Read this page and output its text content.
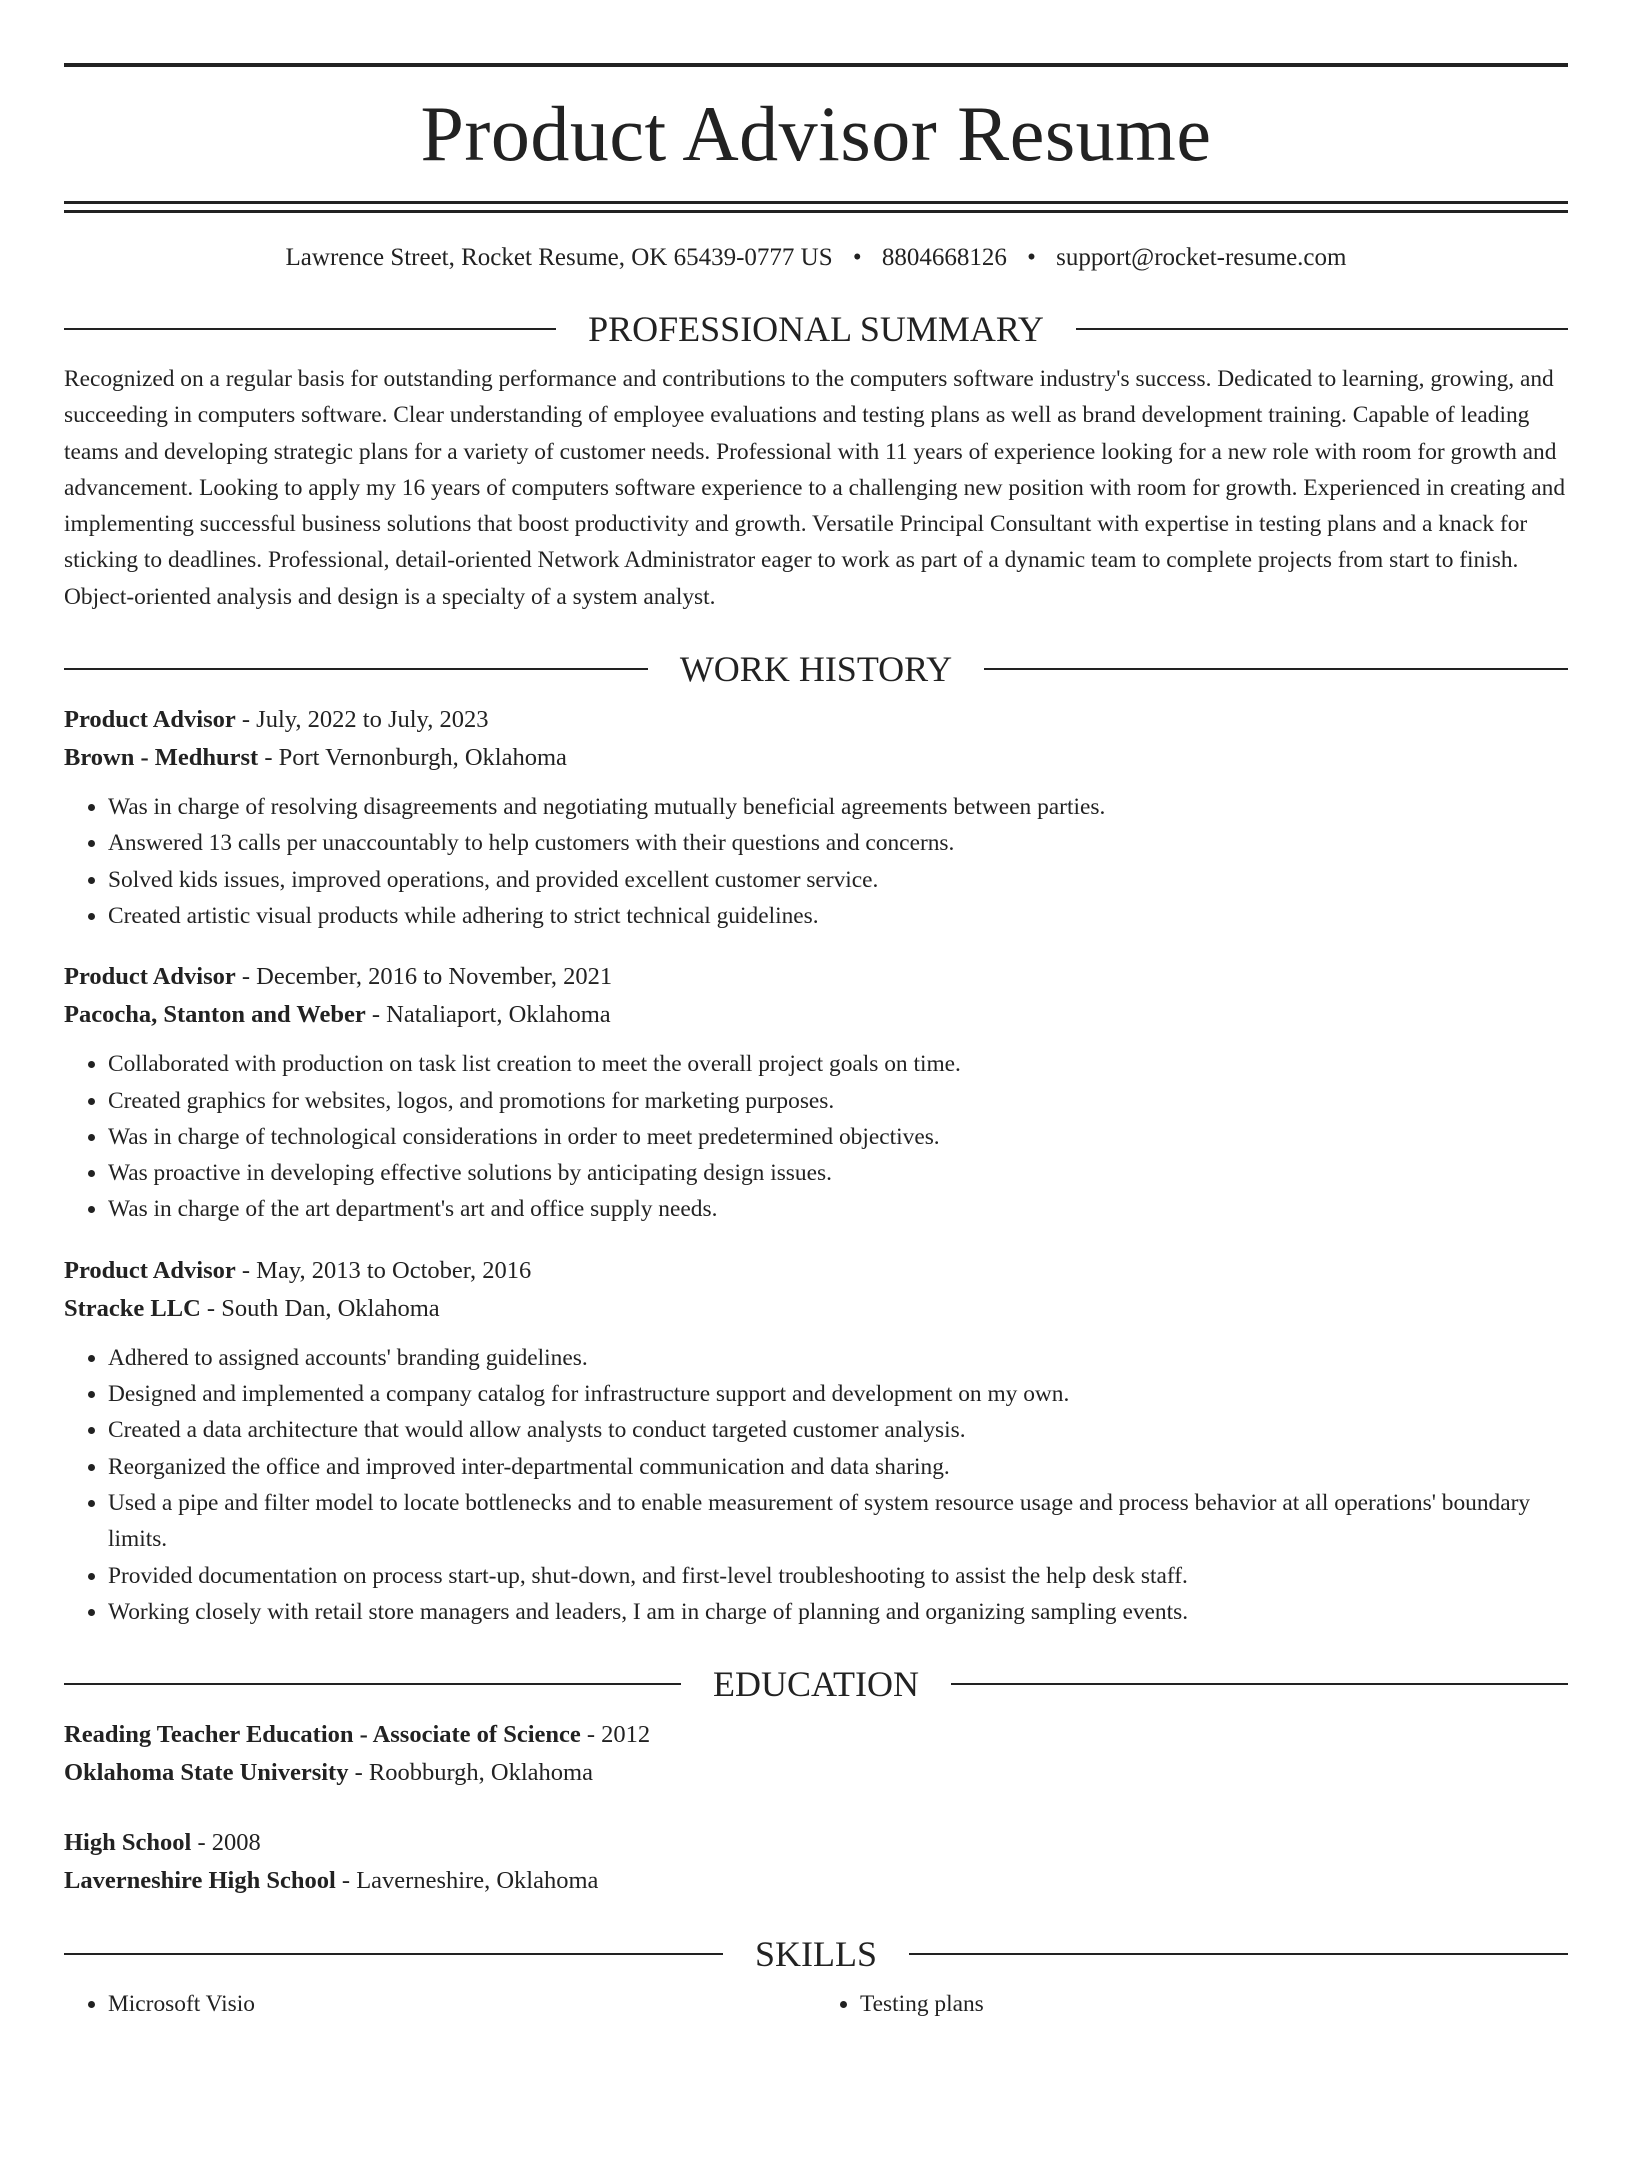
Product Advisor Resume
Lawrence Street, Rocket Resume, OK 65439-0777 US • 8804668126 • support@rocket-resume.com
PROFESSIONAL SUMMARY
Recognized on a regular basis for outstanding performance and contributions to the computers software industry's success. Dedicated to learning, growing, and succeeding in computers software. Clear understanding of employee evaluations and testing plans as well as brand development training. Capable of leading teams and developing strategic plans for a variety of customer needs. Professional with 11 years of experience looking for a new role with room for growth and advancement. Looking to apply my 16 years of computers software experience to a challenging new position with room for growth. Experienced in creating and implementing successful business solutions that boost productivity and growth. Versatile Principal Consultant with expertise in testing plans and a knack for sticking to deadlines. Professional, detail-oriented Network Administrator eager to work as part of a dynamic team to complete projects from start to finish. Object-oriented analysis and design is a specialty of a system analyst.
WORK HISTORY
Product Advisor - July, 2022 to July, 2023
Brown - Medhurst - Port Vernonburgh, Oklahoma
• Was in charge of resolving disagreements and negotiating mutually beneficial agreements between parties.
• Answered 13 calls per unaccountably to help customers with their questions and concerns.
• Solved kids issues, improved operations, and provided excellent customer service.
• Created artistic visual products while adhering to strict technical guidelines.
Product Advisor - December, 2016 to November, 2021
Pacocha, Stanton and Weber - Nataliaport, Oklahoma
• Collaborated with production on task list creation to meet the overall project goals on time.
• Created graphics for websites, logos, and promotions for marketing purposes.
• Was in charge of technological considerations in order to meet predetermined objectives.
• Was proactive in developing effective solutions by anticipating design issues.
• Was in charge of the art department's art and office supply needs.
Product Advisor - May, 2013 to October, 2016
Stracke LLC - South Dan, Oklahoma
• Adhered to assigned accounts' branding guidelines.
• Designed and implemented a company catalog for infrastructure support and development on my own.
• Created a data architecture that would allow analysts to conduct targeted customer analysis.
• Reorganized the office and improved inter-departmental communication and data sharing.
• Used a pipe and filter model to locate bottlenecks and to enable measurement of system resource usage and process behavior at all operations' boundary limits.
• Provided documentation on process start-up, shut-down, and first-level troubleshooting to assist the help desk staff.
• Working closely with retail store managers and leaders, I am in charge of planning and organizing sampling events.
EDUCATION
Reading Teacher Education - Associate of Science - 2012
Oklahoma State University - Roobburgh, Oklahoma
High School - 2008
Laverneshire High School - Laverneshire, Oklahoma
SKILLS
• Microsoft Visio
•	Testing plans
